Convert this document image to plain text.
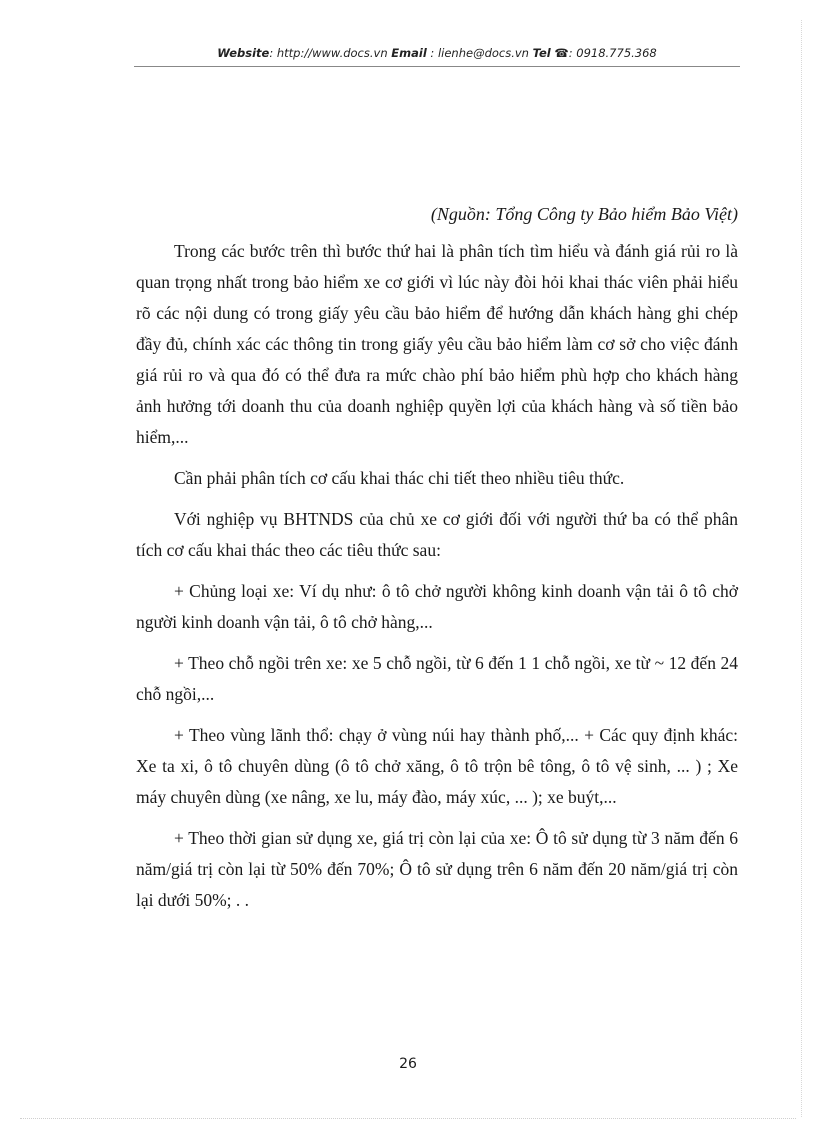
Website: http://www.docs.vn Email : lienhe@docs.vn Tel ☎: 0918.775.368
(Nguồn: Tổng Công ty Bảo hiểm Bảo Việt)

Trong các bước trên thì bước thứ hai là phân tích tìm hiểu và đánh giá rủi ro là quan trọng nhất trong bảo hiểm xe cơ giới vì lúc này đòi hỏi khai thác viên phải hiểu rõ các nội dung có trong giấy yêu cầu bảo hiểm để hướng dẫn khách hàng ghi chép đầy đủ, chính xác các thông tin trong giấy yêu cầu bảo hiểm làm cơ sở cho việc đánh giá rủi ro và qua đó có thể đưa ra mức chào phí bảo hiểm phù hợp cho khách hàng ảnh hưởng tới doanh thu của doanh nghiệp quyền lợi của khách hàng và số tiền bảo hiểm,...

Cần phải phân tích cơ cấu khai thác chi tiết theo nhiều tiêu thức.

Với nghiệp vụ BHTNDS của chủ xe cơ giới đối với người thứ ba có thể phân tích cơ cấu khai thác theo các tiêu thức sau:

+ Chủng loại xe: Ví dụ như: ô tô chở người không kinh doanh vận tải ô tô chở người kinh doanh vận tải, ô tô chở hàng,...

+ Theo chỗ ngồi trên xe: xe 5 chỗ ngồi, từ 6 đến 1 1 chỗ ngồi, xe từ ~ 12 đến 24 chỗ ngồi,...

+ Theo vùng lãnh thổ: chạy ở vùng núi hay thành phố,... + Các quy định khác: Xe ta xi, ô tô chuyên dùng (ô tô chở xăng, ô tô trộn bê tông, ô tô vệ sinh, ... ) ; Xe máy chuyên dùng (xe nâng, xe lu, máy đào, máy xúc, ... ); xe buýt,...

+ Theo thời gian sử dụng xe, giá trị còn lại của xe: Ô tô sử dụng từ 3 năm đến 6 năm/giá trị còn lại từ 50% đến 70%; Ô tô sử dụng trên 6 năm đến 20 năm/giá trị còn lại dưới 50%; . .

26
